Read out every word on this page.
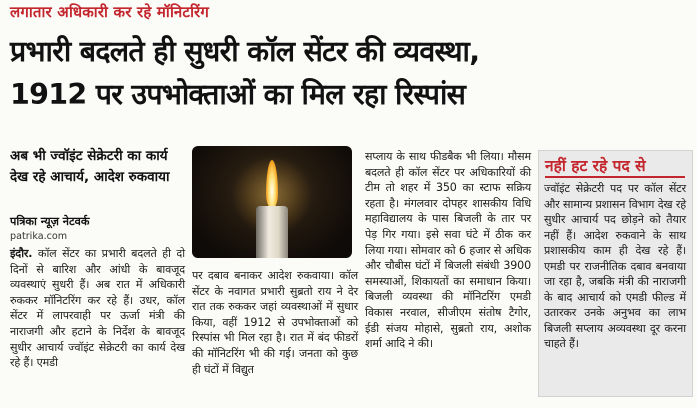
लगातार अधिकारी कर रहे मॉनिटरिंग
प्रभारी बदलते ही सुधरी कॉल सेंटर की व्यवस्था,
1912 पर उपभोक्ताओं का मिल रहा रिस्पांस
अब भी ज्वॉइंट सेक्रेटरी का कार्य देख रहे आचार्य, आदेश रुकवाया
पत्रिका न्यूज़ नेटवर्क
patrika.com
इंदौर. कॉल सेंटर का प्रभारी बदलते ही दो दिनों से बारिश और आंधी के बावजूद व्यवस्थाएं सुधरी हैं। अब रात में अधिकारी रुककर मॉनिटरिंग कर रहे हैं। उधर, कॉल सेंटर में लापरवाही पर ऊर्जा मंत्री की नाराजगी और हटाने के निर्देश के बावजूद सुधीर आचार्य ज्वॉइंट सेक्रेटरी का कार्य देख रहे हैं। एमडी
पर दबाव बनाकर आदेश रुकवाया। कॉल सेंटर के नवागत प्रभारी सुब्रतो राय ने देर रात तक रुककर जहां व्यवस्थाओं में सुधार किया, वहीं 1912 से उपभोक्ताओं को रिस्पांस भी मिल रहा है। रात में बंद फीडरों की मॉनिटरिंग भी की गई। जनता को कुछ ही घंटों में विद्युत
सप्लाय के साथ फीडबैक भी लिया। मौसम बदलते ही कॉल सेंटर पर अधिकारियों की टीम तो शहर में 350 का स्टाफ सक्रिय रहता है। मंगलवार दोपहर शासकीय विधि महाविद्यालय के पास बिजली के तार पर पेड़ गिर गया। इसे सवा घंटे में ठीक कर लिया गया। सोमवार को 6 हजार से अधिक और चौबीस घंटों में बिजली संबंधी 3900 समस्याओं, शिकायतों का समाधान किया। बिजली व्यवस्था की मॉनिटरिंग एमडी विकास नरवाल, सीजीएम संतोष टैगोर, ईडी संजय मोहासे, सुब्रतो राय, अशोक शर्मा आदि ने की।
नहीं हट रहे पद से
ज्वॉइंट सेक्रेटरी पद पर कॉल सेंटर और सामान्य प्रशासन विभाग देख रहे सुधीर आचार्य पद छोड़ने को तैयार नहीं हैं। आदेश रुकवाने के साथ प्रशासकीय काम ही देख रहे हैं। एमडी पर राजनीतिक दबाव बनवाया जा रहा है, जबकि मंत्री की नाराजगी के बाद आचार्य को एमडी फील्ड में उतारकर उनके अनुभव का लाभ बिजली सप्लाय अव्यवस्था दूर करना चाहते हैं।
